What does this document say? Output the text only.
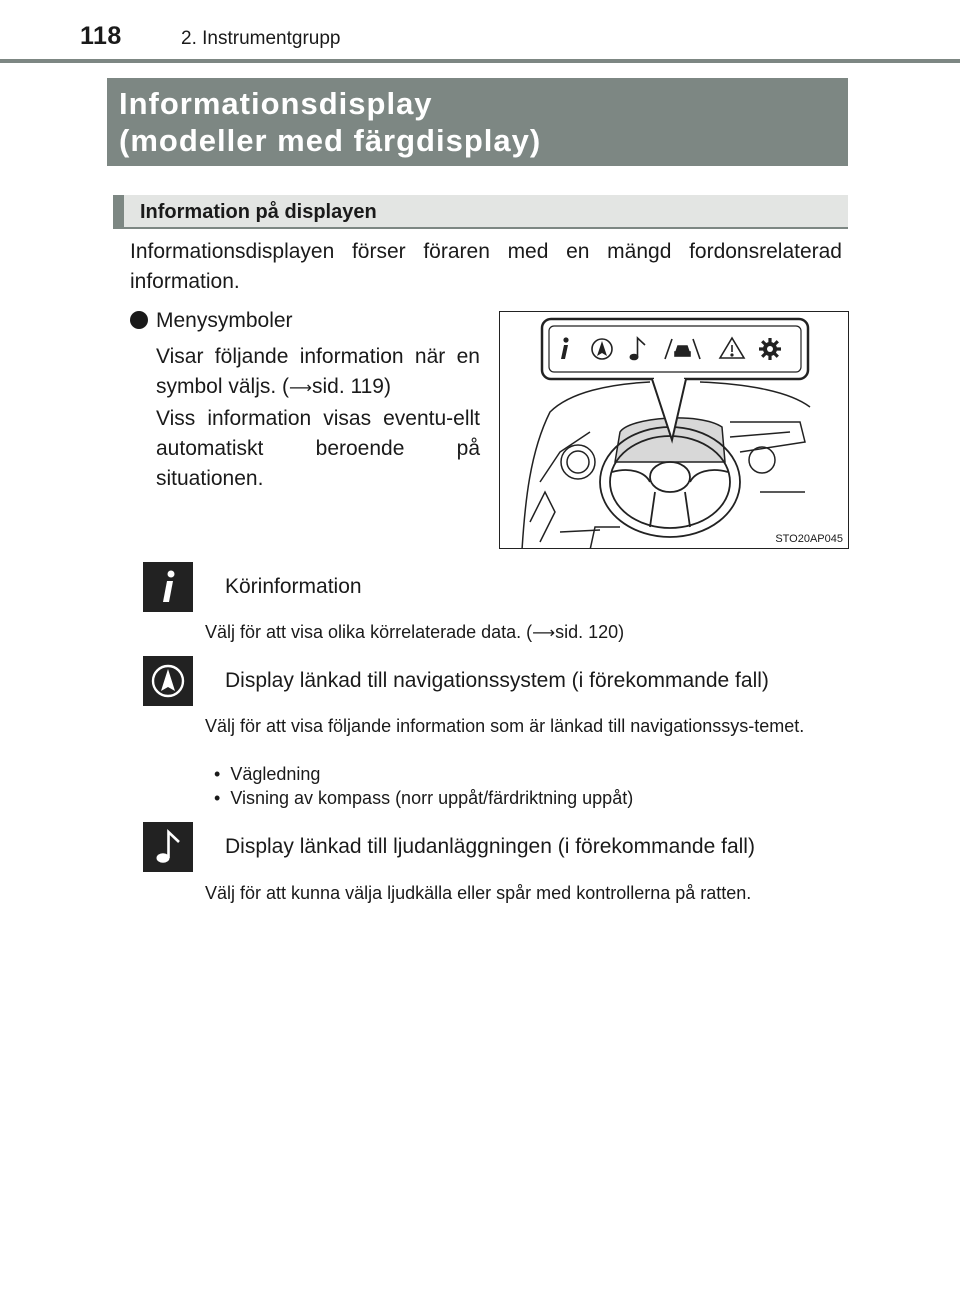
118	2. Instrumentgrupp
Informationsdisplay
(modeller med färgdisplay)
Information på displayen
Informationsdisplayen förser föraren med en mängd fordonsrelaterad information.
Menysymboler
Visar följande information när en symbol väljs. (⟶sid. 119)
Viss information visas eventu-ellt automatiskt beroende på situationen.
STO20AP045
Körinformation
Välj för att visa olika körrelaterade data. (⟶sid. 120)
Display länkad till navigationssystem (i förekommande fall)
Välj för att visa följande information som är länkad till navigationssys-temet.
•  Vägledning
•  Visning av kompass (norr uppåt/färdriktning uppåt)
Display länkad till ljudanläggningen (i förekommande fall)
Välj för att kunna välja ljudkälla eller spår med kontrollerna på ratten.
